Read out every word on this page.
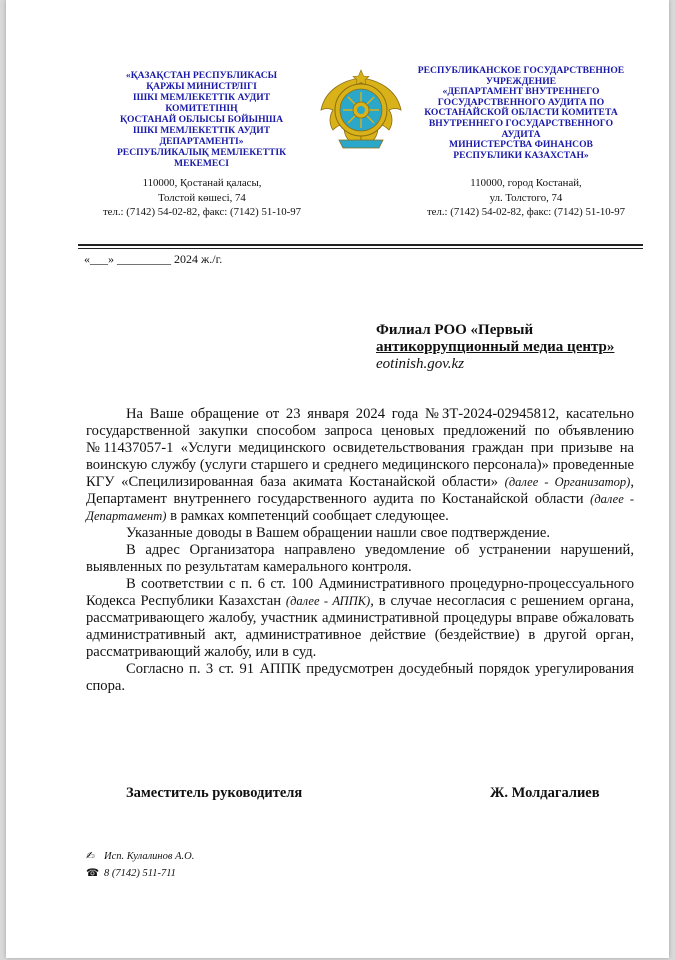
«ҚАЗАҚСТАН РЕСПУБЛИКАСЫ
ҚАРЖЫ МИНИСТРЛІГІ
ІШКІ МЕМЛЕКЕТТІК АУДИТ
КОМИТЕТІНІҢ
ҚОСТАНАЙ ОБЛЫСЫ БОЙЫНША
ІШКІ МЕМЛЕКЕТТІК АУДИТ
ДЕПАРТАМЕНТІ»
РЕСПУБЛИКАЛЫҚ МЕМЛЕКЕТТІК
МЕКЕМЕСІ
РЕСПУБЛИКАНСКОЕ ГОСУДАРСТВЕННОЕ
УЧРЕЖДЕНИЕ
«ДЕПАРТАМЕНТ ВНУТРЕННЕГО
ГОСУДАРСТВЕННОГО АУДИТА ПО
КОСТАНАЙСКОЙ ОБЛАСТИ КОМИТЕТА
ВНУТРЕННЕГО ГОСУДАРСТВЕННОГО
АУДИТА
МИНИСТЕРСТВА ФИНАНСОВ
РЕСПУБЛИКИ КАЗАХСТАН»
110000, Қостанай қаласы,
Толстой көшесі, 74
тел.: (7142) 54-02-82, факс: (7142) 51-10-97
110000, город Костанай,
ул. Толстого, 74
тел.: (7142) 54-02-82, факс: (7142) 51-10-97
«___» _________ 2024 ж./г.
Филиал РОО «Первый
антикоррупционный медиа центр»
eotinish.gov.kz

На Ваше обращение от 23 января 2024 года №ЗТ-2024-02945812, касательно государственной закупки способом запроса ценовых предложений по объявлению №11437057-1 «Услуги медицинского освидетельствования граждан при призыве на воинскую службу (услуги старшего и среднего медицинского персонала)» проведенные КГУ «Специлизированная база акимата Костанайской области» (далее - Организатор), Департамент внутреннего государственного аудита по Костанайской области (далее - Департамент) в рамках компетенций сообщает следующее.

Указанные доводы в Вашем обращении нашли свое подтверждение.

В адрес Организатора направлено уведомление об устранении нарушений, выявленных по результатам камерального контроля.

В соответствии с п. 6 ст. 100 Административного процедурно-процессуального Кодекса Республики Казахстан (далее - АППК), в случае несогласия с решением органа, рассматривающего жалобу, участник административной процедуры вправе обжаловать административный акт, административное действие (бездействие) в другой орган, рассматривающий жалобу, или в суд.

Согласно п. 3 ст. 91 АППК предусмотрен досудебный порядок урегулирования спора.

Заместитель руководителя	Ж. Молдагалиев
✍ Исп. Кулалинов А.О.
☎ 8 (7142) 511-711
